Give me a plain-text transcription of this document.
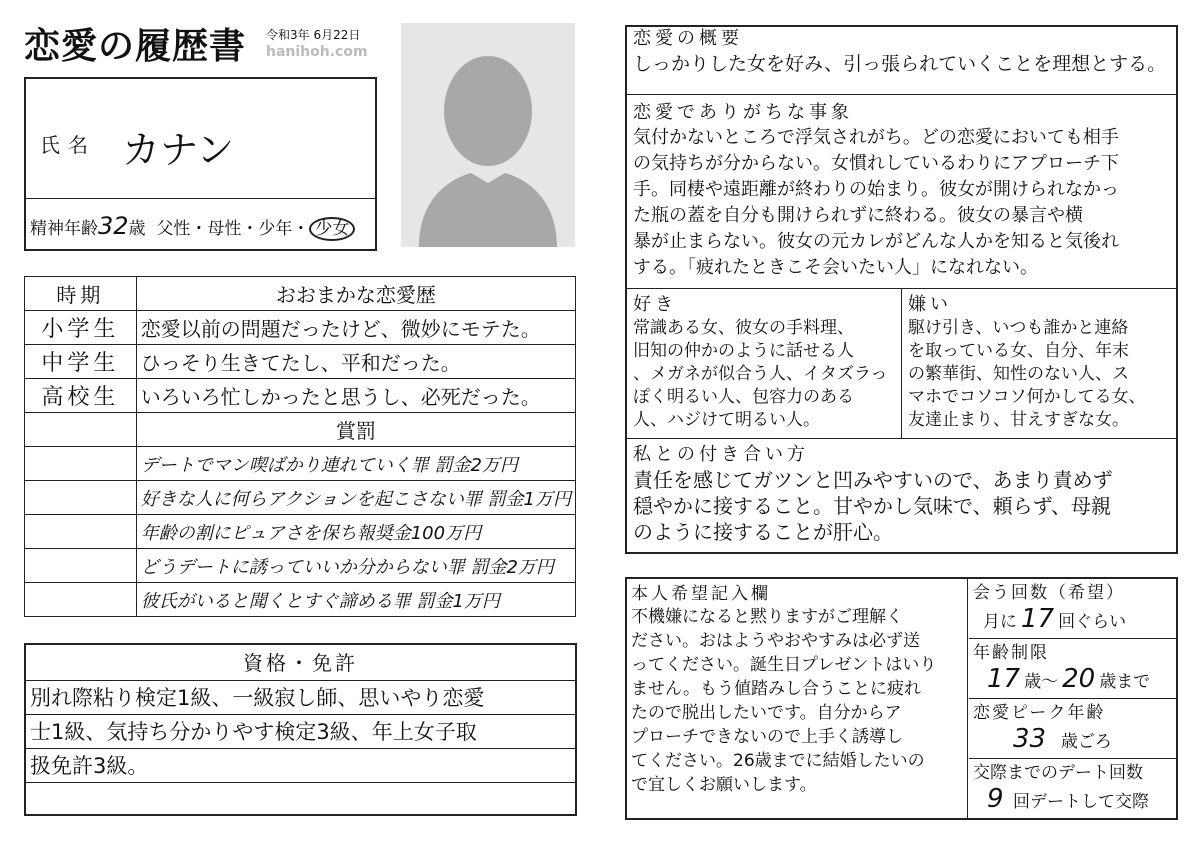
恋愛の履歴書 令和3年 6月22日
hanihoh.com
氏名 カナン
精神年齢32歳 父性・母性・少年・ 少女
時期	おおまかな恋愛歴
小学生	恋愛以前の問題だったけど、微妙にモテた。
中学生	ひっそり生きてたし、平和だった。
高校生	いろいろ忙しかったと思うし、必死だった。
	賞罰
	デートでマン喫ばかり連れていく罪 罰金2万円
	好きな人に何らアクションを起こさない罪 罰金1万円
	年齢の割にピュアさを保ち報奨金100万円
	どうデートに誘っていいか分からない罪 罰金2万円
	彼氏がいると聞くとすぐ諦める罪 罰金1万円
資格・免許
別れ際粘り検定1級、一級寂し師、思いやり恋愛
士1級、気持ち分かりやす検定3級、年上女子取
扱免許3級。
恋愛の概要
しっかりした女を好み、引っ張られていくことを理想とする。
恋愛でありがちな事象
気付かないところで浮気されがち。どの恋愛においても相手
の気持ちが分からない。女慣れしているわりにアプローチ下
手。同棲や遠距離が終わりの始まり。彼女が開けられなかっ
た瓶の蓋を自分も開けられずに終わる。彼女の暴言や横
暴が止まらない。彼女の元カレがどんな人かを知ると気後れ
する。「疲れたときこそ会いたい人」になれない。
好き
常識ある女、彼女の手料理、
旧知の仲かのように話せる人
、メガネが似合う人、イタズラっ
ぽく明るい人、包容力のある
人、ハジけて明るい人。
嫌い
駆け引き、いつも誰かと連絡
を取っている女、自分、年末
の繁華街、知性のない人、ス
マホでコソコソ何かしてる女、
友達止まり、甘えすぎな女。
私との付き合い方
責任を感じてガツンと凹みやすいので、あまり責めず
穏やかに接すること。甘やかし気味で、頼らず、母親
のように接することが肝心。
本人希望記入欄
不機嫌になると黙りますがご理解く
ださい。おはようやおやすみは必ず送
ってください。誕生日プレゼントはいり
ません。もう値踏みし合うことに疲れ
たので脱出したいです。自分からア
プローチできないので上手く誘導し
てください。26歳までに結婚したいの
で宜しくお願いします。
会う回数（希望）
月に 17 回ぐらい
年齢制限
17 歳〜 20 歳まで
恋愛ピーク年齢
33 歳ごろ
交際までのデート回数
9 回デートして交際
